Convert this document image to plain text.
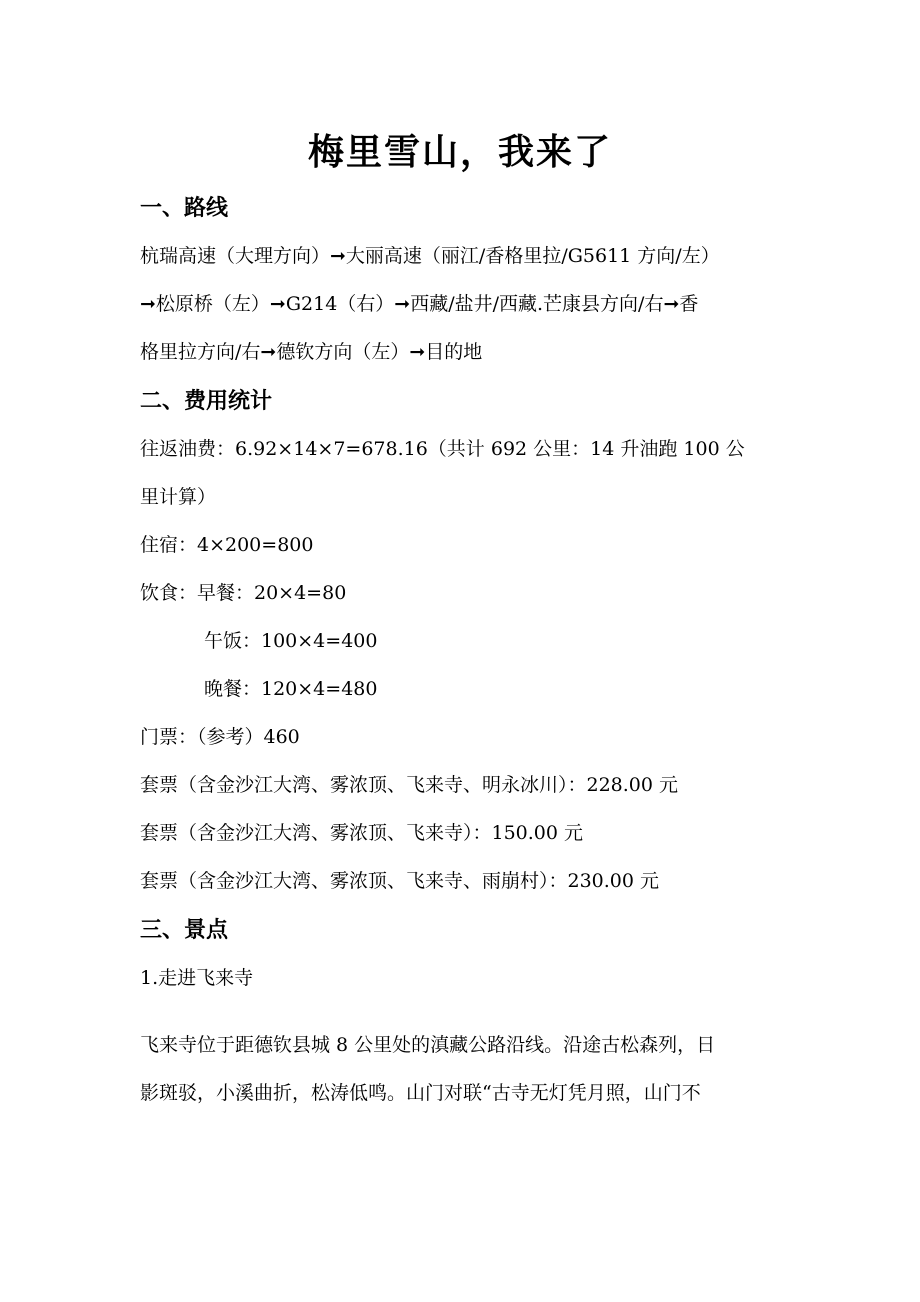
梅里雪山，我来了
一、路线
杭瑞高速（大理方向）➞大丽高速（丽江/香格里拉/G5611 方向/左）
➞松原桥（左）➞G214（右）➞西藏/盐井/西藏.芒康县方向/右➞香
格里拉方向/右➞德钦方向（左）➞目的地
二、费用统计
往返油费：6.92×14×7=678.16（共计 692 公里：14 升油跑 100 公
里计算）
住宿：4×200=800
饮食：早餐：20×4=80
午饭：100×4=400
晚餐：120×4=480
门票：（参考）460
套票（含金沙江大湾、雾浓顶、飞来寺、明永冰川）：228.00 元
套票（含金沙江大湾、雾浓顶、飞来寺）：150.00 元
套票（含金沙江大湾、雾浓顶、飞来寺、雨崩村）：230.00 元
三、景点
1.走进飞来寺
飞来寺位于距德钦县城 8 公里处的滇藏公路沿线。沿途古松森列，日
影斑驳，小溪曲折，松涛低鸣。山门对联“古寺无灯凭月照，山门不
